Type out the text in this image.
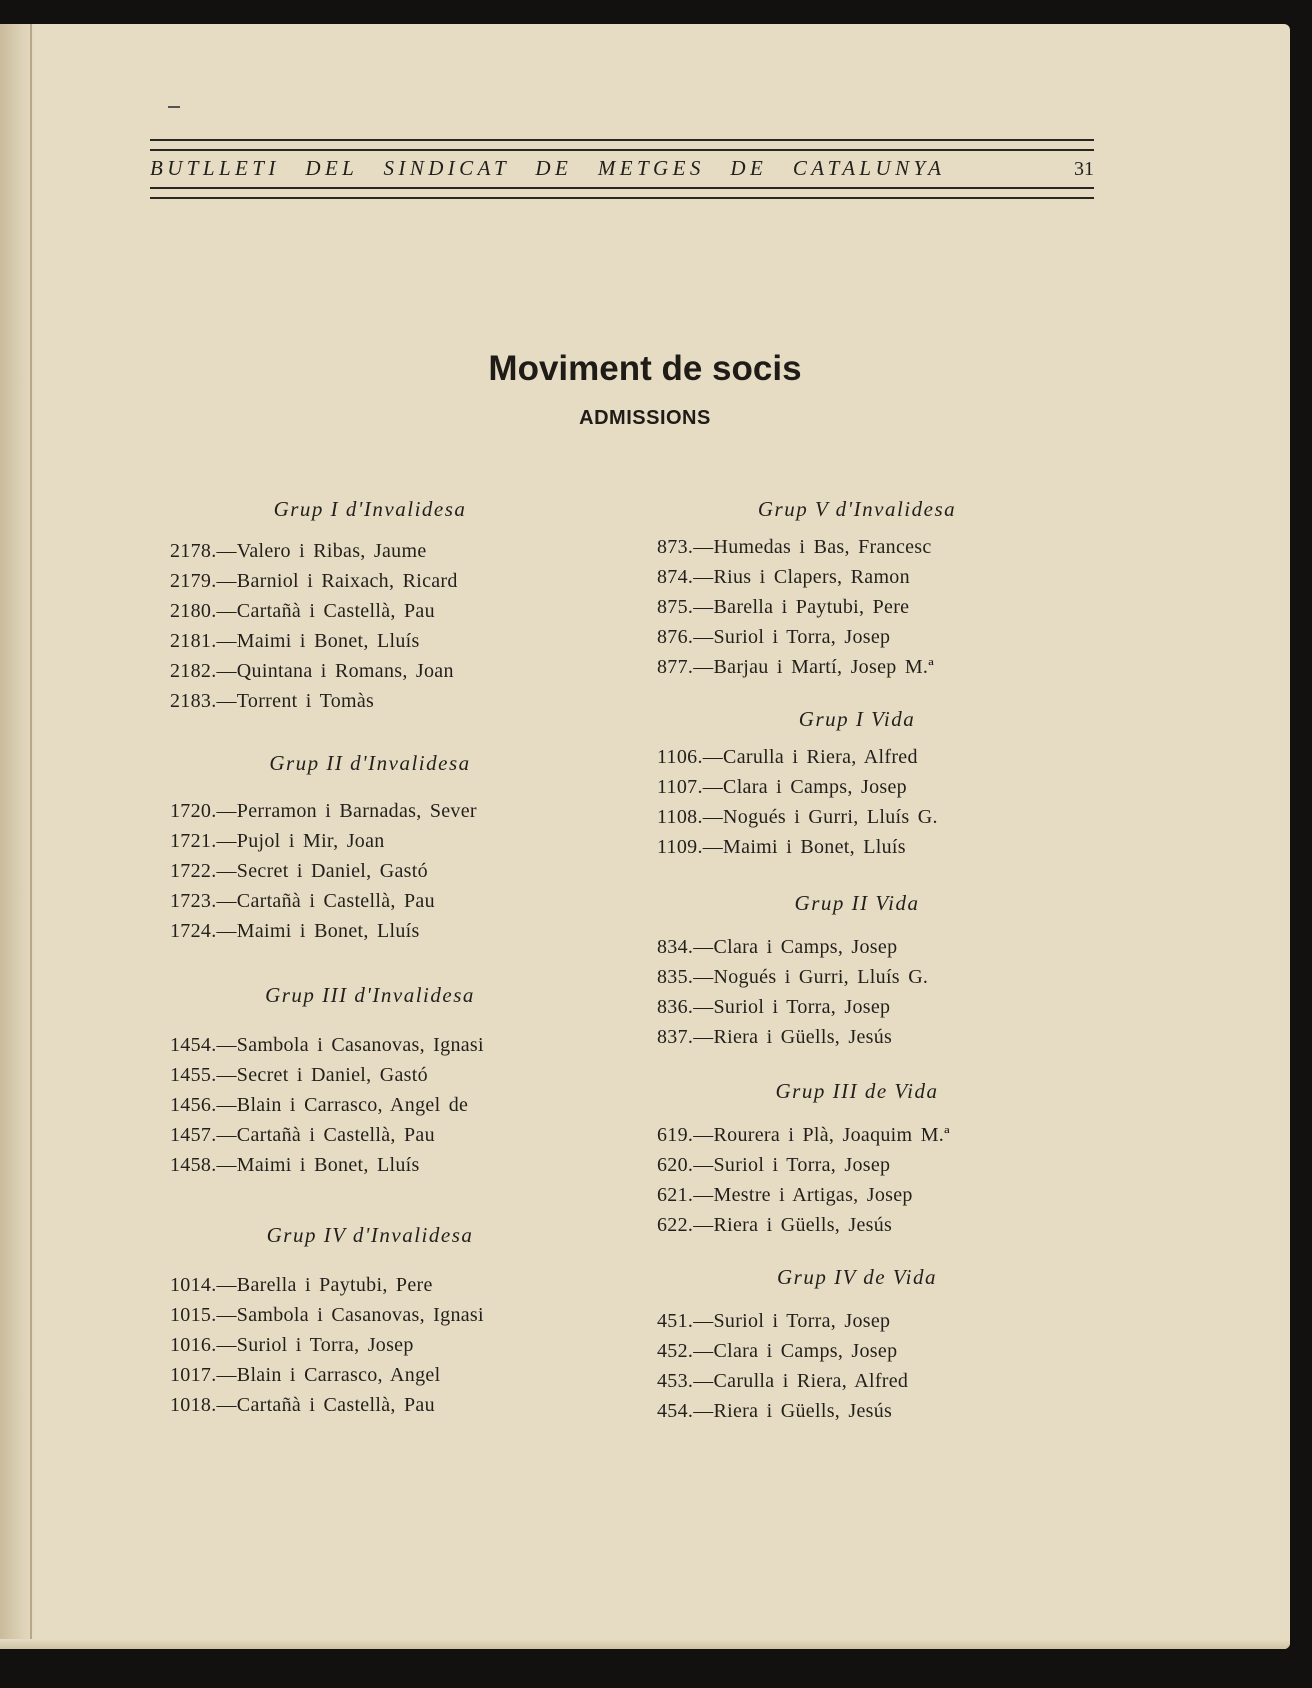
BUTLLETI DEL SINDICAT DE METGES DE CATALUNYA	31
Moviment de socis
ADMISSIONS
Grup I d'Invalidesa
2178.—Valero i Ribas, Jaume
2179.—Barniol i Raixach, Ricard
2180.—Cartañà i Castellà, Pau
2181.—Maimi i Bonet, Lluís
2182.—Quintana i Romans, Joan
2183.—Torrent i Tomàs
Grup II d'Invalidesa
1720.—Perramon i Barnadas, Sever
1721.—Pujol i Mir, Joan
1722.—Secret i Daniel, Gastó
1723.—Cartañà i Castellà, Pau
1724.—Maimi i Bonet, Lluís
Grup III d'Invalidesa
1454.—Sambola i Casanovas, Ignasi
1455.—Secret i Daniel, Gastó
1456.—Blain i Carrasco, Angel de
1457.—Cartañà i Castellà, Pau
1458.—Maimi i Bonet, Lluís
Grup IV d'Invalidesa
1014.—Barella i Paytubi, Pere
1015.—Sambola i Casanovas, Ignasi
1016.—Suriol i Torra, Josep
1017.—Blain i Carrasco, Angel
1018.—Cartañà i Castellà, Pau
Grup V d'Invalidesa
873.—Humedas i Bas, Francesc
874.—Rius i Clapers, Ramon
875.—Barella i Paytubi, Pere
876.—Suriol i Torra, Josep
877.—Barjau i Martí, Josep M.ª
Grup I Vida
1106.—Carulla i Riera, Alfred
1107.—Clara i Camps, Josep
1108.—Nogués i Gurri, Lluís G.
1109.—Maimi i Bonet, Lluís
Grup II Vida
834.—Clara i Camps, Josep
835.—Nogués i Gurri, Lluís G.
836.—Suriol i Torra, Josep
837.—Riera i Güells, Jesús
Grup III de Vida
619.—Rourera i Plà, Joaquim M.ª
620.—Suriol i Torra, Josep
621.—Mestre i Artigas, Josep
622.—Riera i Güells, Jesús
Grup IV de Vida
451.—Suriol i Torra, Josep
452.—Clara i Camps, Josep
453.—Carulla i Riera, Alfred
454.—Riera i Güells, Jesús
